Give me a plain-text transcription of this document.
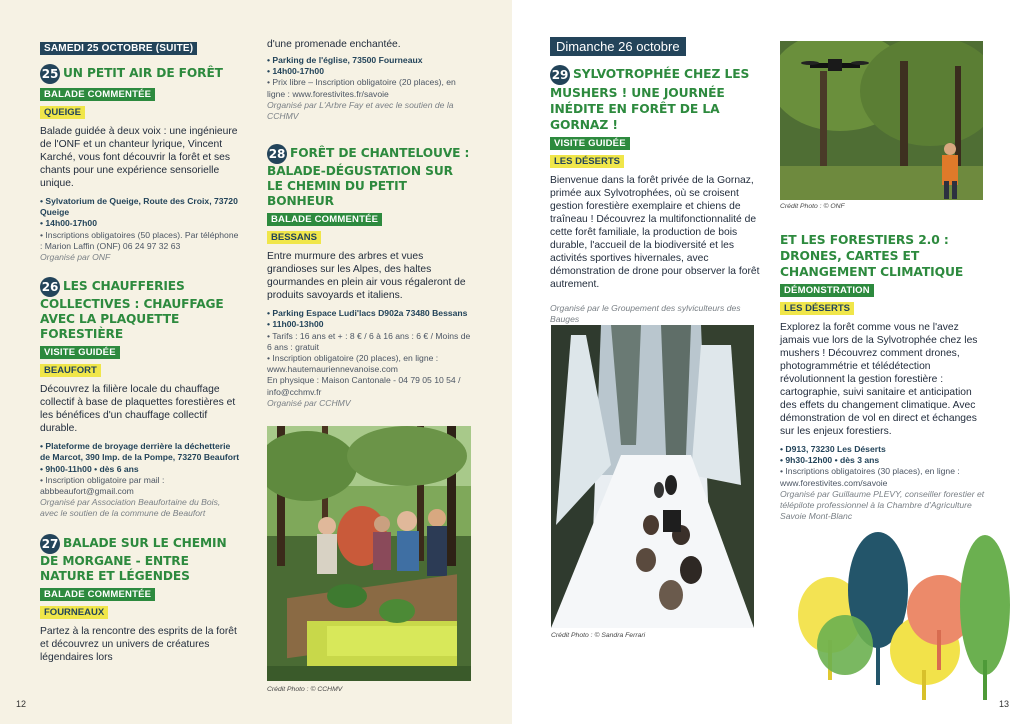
SAMEDI 25 OCTOBRE (SUITE)
25 UN PETIT AIR DE FORÊT
BALADE COMMENTÉE
QUEIGE

Balade guidée à deux voix : une ingénieure de l'ONF et un chanteur lyrique, Vincent Karché, vous font découvrir la forêt et ses chants pour une expérience sensorielle unique.

• Sylvatorium de Queige, Route des Croix, 73720 Queige
• 14h00-17h00
• Inscriptions obligatoires (50 places). Par téléphone : Marion Laffin (ONF) 06 24 97 32 63
Organisé par ONF
26 LES CHAUFFERIES COLLECTIVES : CHAUFFAGE AVEC LA PLAQUETTE FORESTIÈRE
VISITE GUIDÉE
BEAUFORT

Découvrez la filière locale du chauffage collectif à base de plaquettes forestières et les bénéfices d'un chauffage collectif durable.

• Plateforme de broyage derrière la déchetterie de Marcot, 390 Imp. de la Pompe, 73270 Beaufort
• 9h00-11h00 • dès 6 ans
• Inscription obligatoire par mail : abbbeaufort@gmail.com
Organisé par Association Beaufortaine du Bois, avec le soutien de la commune de Beaufort
27 BALADE SUR LE CHEMIN DE MORGANE - ENTRE NATURE ET LÉGENDES
BALADE COMMENTÉE
FOURNEAUX

Partez à la rencontre des esprits de la forêt et découvrez un univers de créatures légendaires lors

d'une promenade enchantée.

• Parking de l'église, 73500 Fourneaux
• 14h00-17h00
• Prix libre – Inscription obligatoire (20 places), en ligne : www.forestivites.fr/savoie
Organisé par L'Arbre Fay et avec le soutien de la CCHMV
28 FORÊT DE CHANTELOUVE : BALADE-DÉGUSTATION SUR LE CHEMIN DU PETIT BONHEUR
BALADE COMMENTÉE
BESSANS

Entre murmure des arbres et vues grandioses sur les Alpes, des haltes gourmandes en plein air vous régaleront de produits savoyards et italiens.

• Parking Espace Ludi'lacs D902a 73480 Bessans
• 11h00-13h00
• Tarifs : 16 ans et + : 8 € / 6 à 16 ans : 6 € / Moins de 6 ans : gratuit
• Inscription obligatoire (20 places), en ligne : www.hautemauriennevanoise.com
En physique : Maison Cantonale - 04 79 05 10 54 / info@cchmv.fr
Organisé par CCHMV
Crédit Photo : © CCHMV
12
Dimanche 26 octobre
29 SYLVOTROPHÉE CHEZ LES MUSHERS ! UNE JOURNÉE INÉDITE EN FORÊT DE LA GORNAZ !
VISITE GUIDÉE
LES DÉSERTS

Bienvenue dans la forêt privée de la Gornaz, primée aux Sylvotrophées, où se croisent gestion forestière exemplaire et chiens de traîneau ! Découvrez la multifonctionnalité de cette forêt familiale, la production de bois durable, l'accueil de la biodiversité et les activités sportives hivernales, avec démonstration de drone pour observer la forêt autrement.

Organisé par le Groupement des sylviculteurs des Bauges
Crédit Photo : © Sandra Ferrari
Crédit Photo : © ONF
ET LES FORESTIERS 2.0 : DRONES, CARTES ET CHANGEMENT CLIMATIQUE
DÉMONSTRATION
LES DÉSERTS

Explorez la forêt comme vous ne l'avez jamais vue lors de la Sylvotrophée chez les mushers ! Découvrez comment drones, photogrammétrie et télédétection révolutionnent la gestion forestière : cartographie, suivi sanitaire et anticipation des effets du changement climatique. Avec démonstration de vol en direct et échanges sur les enjeux forestiers.

• D913, 73230 Les Déserts
• 9h30-12h00 • dès 3 ans
• Inscriptions obligatoires (30 places), en ligne : www.forestivites.com/savoie
Organisé par Guillaume PLEVY, conseiller forestier et télépilote professionnel à la Chambre d'Agriculture Savoie Mont-Blanc
13
